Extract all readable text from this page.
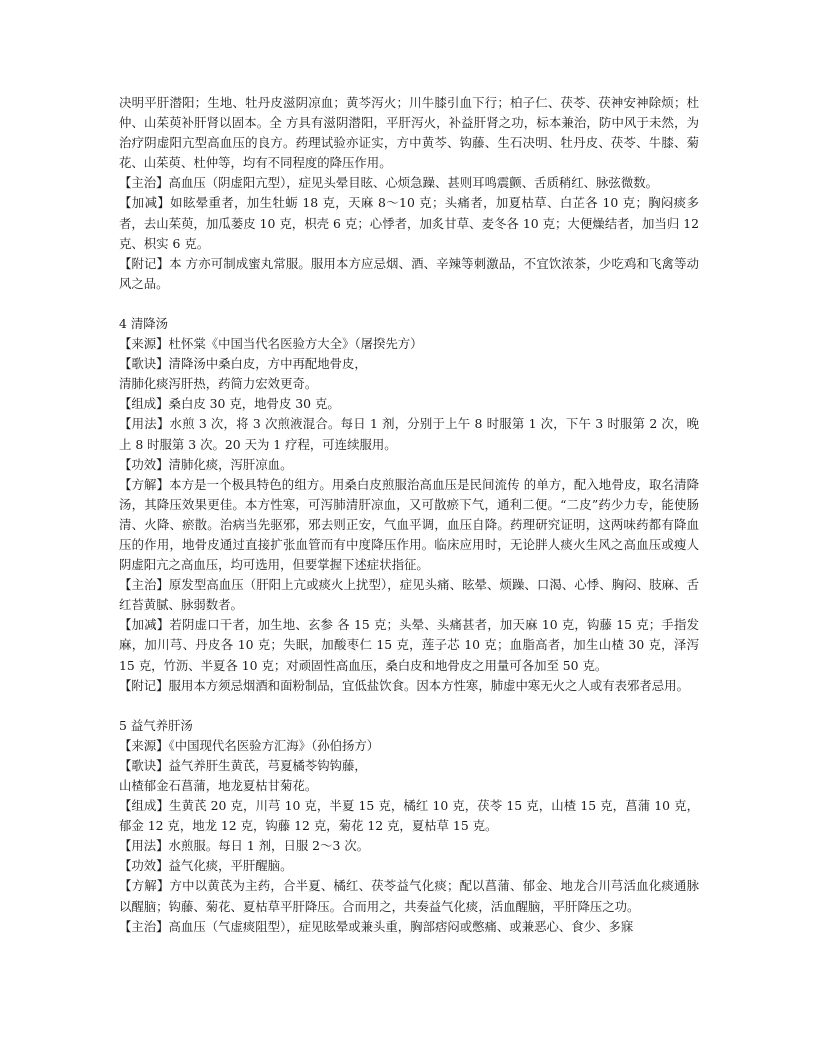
决明平肝潜阳；生地、牡丹皮滋阴凉血；黄芩泻火；川牛膝引血下行；柏子仁、茯苓、茯神安神除烦；杜仲、山茱萸补肝肾以固本。全 方具有滋阴潜阳，平肝泻火，补益肝肾之功，标本兼治，防中风于未然，为治疗阴虚阳亢型高血压的良方。药理试验亦证实，方中黄芩、钩藤、生石决明、牡丹皮、茯苓、牛膝、菊花、山茱萸、杜仲等，均有不同程度的降压作用。

【主治】高血压（阴虚阳亢型），症见头晕目眩、心烦急躁、甚则耳鸣震颤、舌质稍红、脉弦微数。

【加减】如眩晕重者，加生牡蛎 18 克，天麻 8～10 克；头痛者，加夏枯草、白芷各 10 克；胸闷痰多者，去山茱萸，加瓜蒌皮 10 克，枳壳 6 克；心悸者，加炙甘草、麦冬各 10 克；大便燥结者，加当归 12 克、枳实 6 克。

【附记】本 方亦可制成蜜丸常服。服用本方应忌烟、酒、辛辣等刺激品，不宜饮浓茶，少吃鸡和飞禽等动风之品。

4 清降汤

【来源】杜怀棠《中国当代名医验方大全》（屠揆先方）

【歌诀】清降汤中桑白皮，方中再配地骨皮，

清肺化痰泻肝热，药简力宏效更奇。

【组成】桑白皮 30 克，地骨皮 30 克。

【用法】水煎 3 次，将 3 次煎液混合。每日 1 剂，分别于上午 8 时服第 1 次，下午 3 时服第 2 次，晚上 8 时服第 3 次。20 天为 1 疗程，可连续服用。

【功效】清肺化痰，泻肝凉血。

【方解】本方是一个极具特色的组方。用桑白皮煎服治高血压是民间流传 的单方，配入地骨皮，取名清降汤，其降压效果更佳。本方性寒，可泻肺清肝凉血，又可散瘀下气，通利二便。“二皮”药少力专，能使肠清、火降、瘀散。治病当先驱邪，邪去则正安，气血平调，血压自降。药理研究证明，这两味药都有降血压的作用，地骨皮通过直接扩张血管而有中度降压作用。临床应用时，无论胖人痰火生风之高血压或瘦人阴虚阳亢之高血压，均可选用，但要掌握下述症状指征。

【主治】原发型高血压（肝阳上亢或痰火上扰型），症见头痛、眩晕、烦躁、口渴、心悸、胸闷、肢麻、舌红苔黄腻、脉弱数者。

【加减】若阴虚口干者，加生地、玄参 各 15 克；头晕、头痛甚者，加天麻 10 克，钩藤 15 克；手指发麻，加川芎、丹皮各 10 克；失眠，加酸枣仁 15 克，莲子芯 10 克；血脂高者，加生山楂 30 克，泽泻 15 克，竹沥、半夏各 10 克；对顽固性高血压，桑白皮和地骨皮之用量可各加至 50 克。

【附记】服用本方须忌烟酒和面粉制品，宜低盐饮食。因本方性寒，肺虚中寒无火之人或有表邪者忌用。

5 益气养肝汤

【来源】《中国现代名医验方汇海》（孙伯扬方）

【歌诀】益气养肝生黄芪，芎夏橘苓钩钩藤，

山楂郁金石菖蒲，地龙夏枯甘菊花。

【组成】生黄芪 20 克，川芎 10 克，半夏 15 克，橘红 10 克，茯苓 15 克，山楂 15 克，菖蒲 10 克，郁金 12 克，地龙 12 克，钩藤 12 克，菊花 12 克，夏枯草 15 克。

【用法】水煎服。每日 1 剂，日服 2～3 次。

【功效】益气化痰，平肝醒脑。

【方解】方中以黄芪为主药，合半夏、橘红、茯苓益气化痰；配以菖蒲、郁金、地龙合川芎活血化痰通脉以醒脑；钩藤、菊花、夏枯草平肝降压。合而用之，共奏益气化痰，活血醒脑，平肝降压之功。

【主治】高血压（气虚痰阻型），症见眩晕或兼头重，胸部痞闷或憋痛、或兼恶心、食少、多寐
